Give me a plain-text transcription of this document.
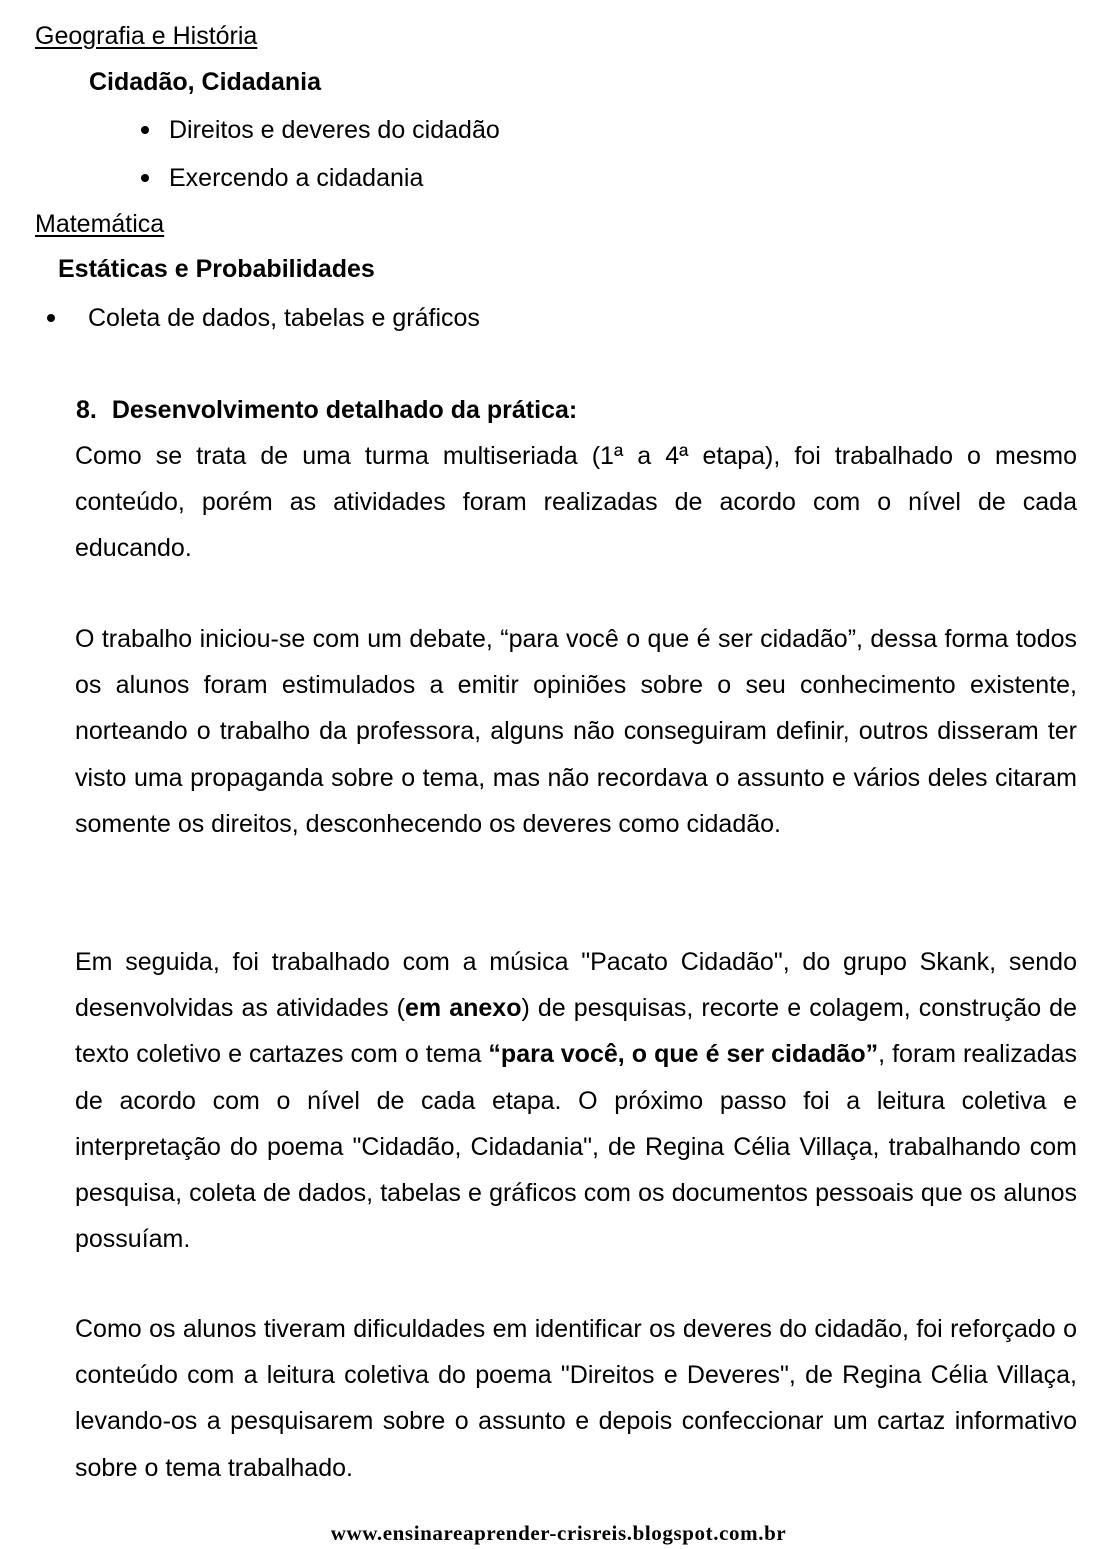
Geografia e História
Cidadão, Cidadania
Direitos e deveres do cidadão
Exercendo a cidadania
Matemática
Estáticas e Probabilidades
Coleta de dados, tabelas e gráficos
8. Desenvolvimento detalhado da prática:

Como se trata de uma turma multiseriada (1ª a 4ª etapa), foi trabalhado o mesmo conteúdo, porém as atividades foram realizadas de acordo com o nível de cada educando.

O trabalho iniciou-se com um debate, “para você o que é ser cidadão”, dessa forma todos os alunos foram estimulados a emitir opiniões sobre o seu conhecimento existente, norteando o trabalho da professora, alguns não conseguiram definir, outros disseram ter visto uma propaganda sobre o tema, mas não recordava o assunto e vários deles citaram somente os direitos, desconhecendo os deveres como cidadão.

Em seguida, foi trabalhado com a música "Pacato Cidadão", do grupo Skank, sendo desenvolvidas as atividades (em anexo) de pesquisas, recorte e colagem, construção de texto coletivo e cartazes com o tema “para você, o que é ser cidadão”, foram realizadas de acordo com o nível de cada etapa. O próximo passo foi a leitura coletiva e interpretação do poema "Cidadão, Cidadania", de Regina Célia Villaça, trabalhando com pesquisa, coleta de dados, tabelas e gráficos com os documentos pessoais que os alunos possuíam.

Como os alunos tiveram dificuldades em identificar os deveres do cidadão, foi reforçado o conteúdo com a leitura coletiva do poema "Direitos e Deveres", de Regina Célia Villaça, levando-os a pesquisarem sobre o assunto e depois confeccionar um cartaz informativo sobre o tema trabalhado.

www.ensinareaprender-crisreis.blogspot.com.br
